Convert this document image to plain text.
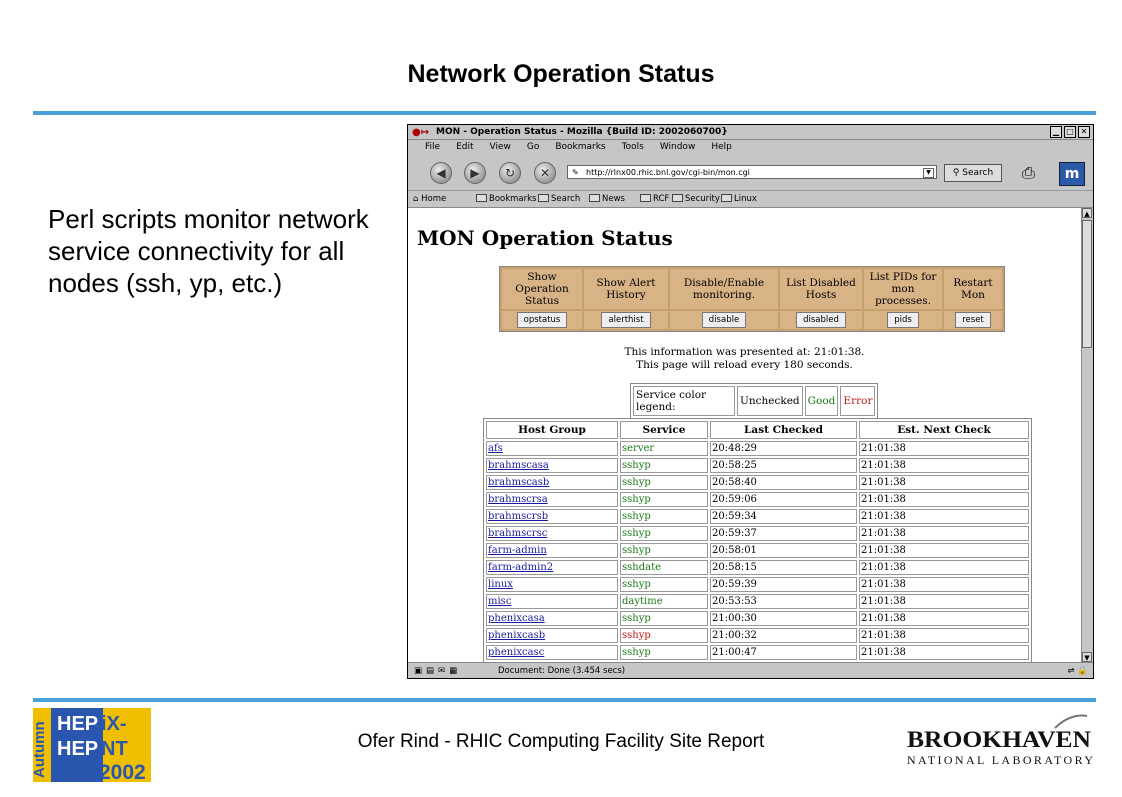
Network Operation Status
Perl scripts monitor network service connectivity for all nodes (ssh, yp, etc.)
●↦ MON - Operation Status - Mozilla {Build ID: 2002060700}	▁ □ ✕
File Edit View Go Bookmarks Tools Window Help
◀	▶	↻	✕	✎ http://rlnx00.rhic.bnl.gov/cgi-bin/mon.cgi	▼	⚲ Search	⎙	m
⌂ Home	Bookmarks	Search	News	RCF	Security	Linux
MON Operation Status
Show Operation Status	Show Alert History	Disable/Enable monitoring.	List Disabled Hosts	List PIDs for mon processes.	Restart Mon
opstatus	alerthist	disable	disabled	pids	reset
This information was presented at: 21:01:38.
This page will reload every 180 seconds.
Service color legend:	Unchecked	Good	Error
Host Group	Service	Last Checked	Est. Next Check
afs	server	20:48:29	21:01:38
brahmscasa	sshyp	20:58:25	21:01:38
brahmscasb	sshyp	20:58:40	21:01:38
brahmscrsa	sshyp	20:59:06	21:01:38
brahmscrsb	sshyp	20:59:34	21:01:38
brahmscrsc	sshyp	20:59:37	21:01:38
farm-admin	sshyp	20:58:01	21:01:38
farm-admin2	sshdate	20:58:15	21:01:38
linux	sshyp	20:59:39	21:01:38
misc	daytime	20:53:53	21:01:38
phenixcasa	sshyp	21:00:30	21:01:38
phenixcasb	sshyp	21:00:32	21:01:38
phenixcasc	sshyp	21:00:47	21:01:38
▲
▼
▣▤✉▦	Document: Done (3.454 secs)	⇌ 🔒
Autumn HEP iX-
HEP NT
2002
Ofer Rind - RHIC Computing Facility Site Report	BROOKHAVEN
NATIONAL LABORATORY
